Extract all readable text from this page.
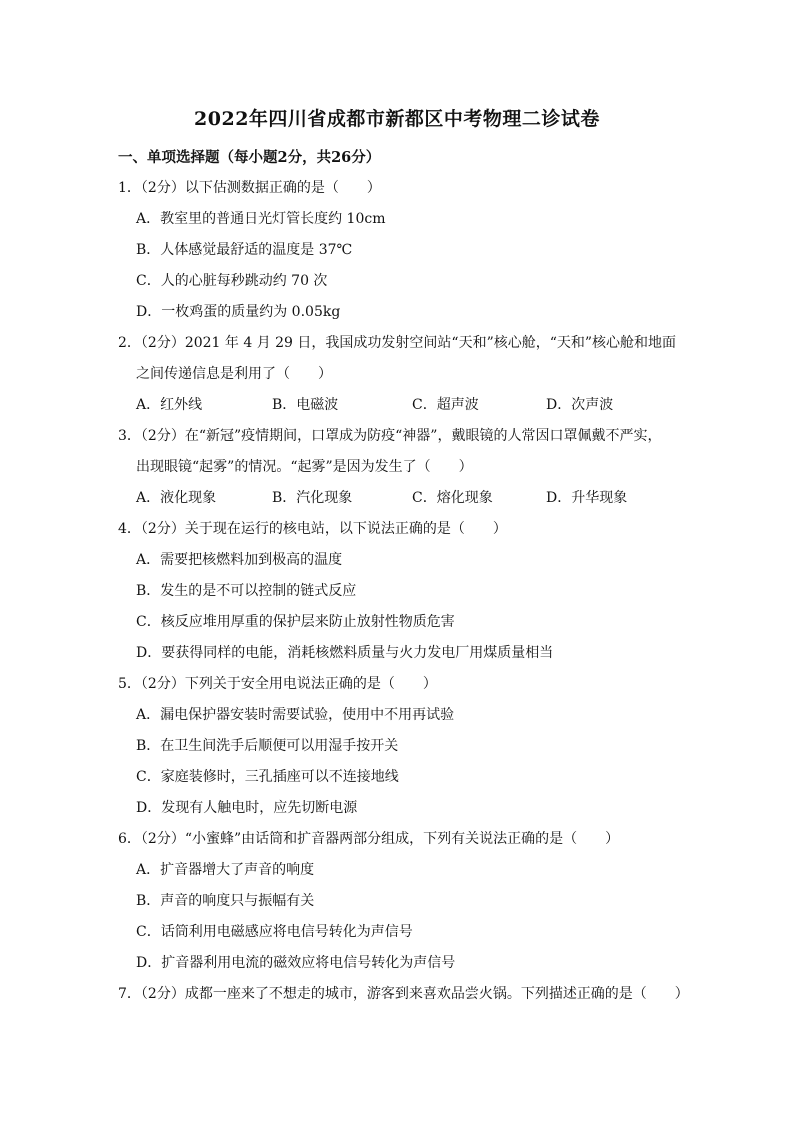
2022年四川省成都市新都区中考物理二诊试卷
一、单项选择题（每小题2分，共26分）
1．（2分）以下估测数据正确的是（　　）
A．教室里的普通日光灯管长度约 10cm
B．人体感觉最舒适的温度是 37℃
C．人的心脏每秒跳动约 70 次
D．一枚鸡蛋的质量约为 0.05kg
2．（2分）2021 年 4 月 29 日，我国成功发射空间站“天和”核心舱，“天和”核心舱和地面
之间传递信息是利用了（　　）
A．红外线	B．电磁波	C．超声波	D．次声波
3．（2分）在“新冠”疫情期间，口罩成为防疫“神器”，戴眼镜的人常因口罩佩戴不严实，
出现眼镜“起雾”的情况。“起雾”是因为发生了（　　）
A．液化现象	B．汽化现象	C．熔化现象	D．升华现象
4．（2分）关于现在运行的核电站，以下说法正确的是（　　）
A．需要把核燃料加到极高的温度
B．发生的是不可以控制的链式反应
C．核反应堆用厚重的保护层来防止放射性物质危害
D．要获得同样的电能，消耗核燃料质量与火力发电厂用煤质量相当
5．（2分）下列关于安全用电说法正确的是（　　）
A．漏电保护器安装时需要试验，使用中不用再试验
B．在卫生间洗手后顺便可以用湿手按开关
C．家庭装修时，三孔插座可以不连接地线
D．发现有人触电时，应先切断电源
6．（2分）“小蜜蜂”由话筒和扩音器两部分组成，下列有关说法正确的是（　　）
A．扩音器增大了声音的响度
B．声音的响度只与振幅有关
C．话筒利用电磁感应将电信号转化为声信号
D．扩音器利用电流的磁效应将电信号转化为声信号
7．（2分）成都一座来了不想走的城市，游客到来喜欢品尝火锅。下列描述正确的是（　　）
